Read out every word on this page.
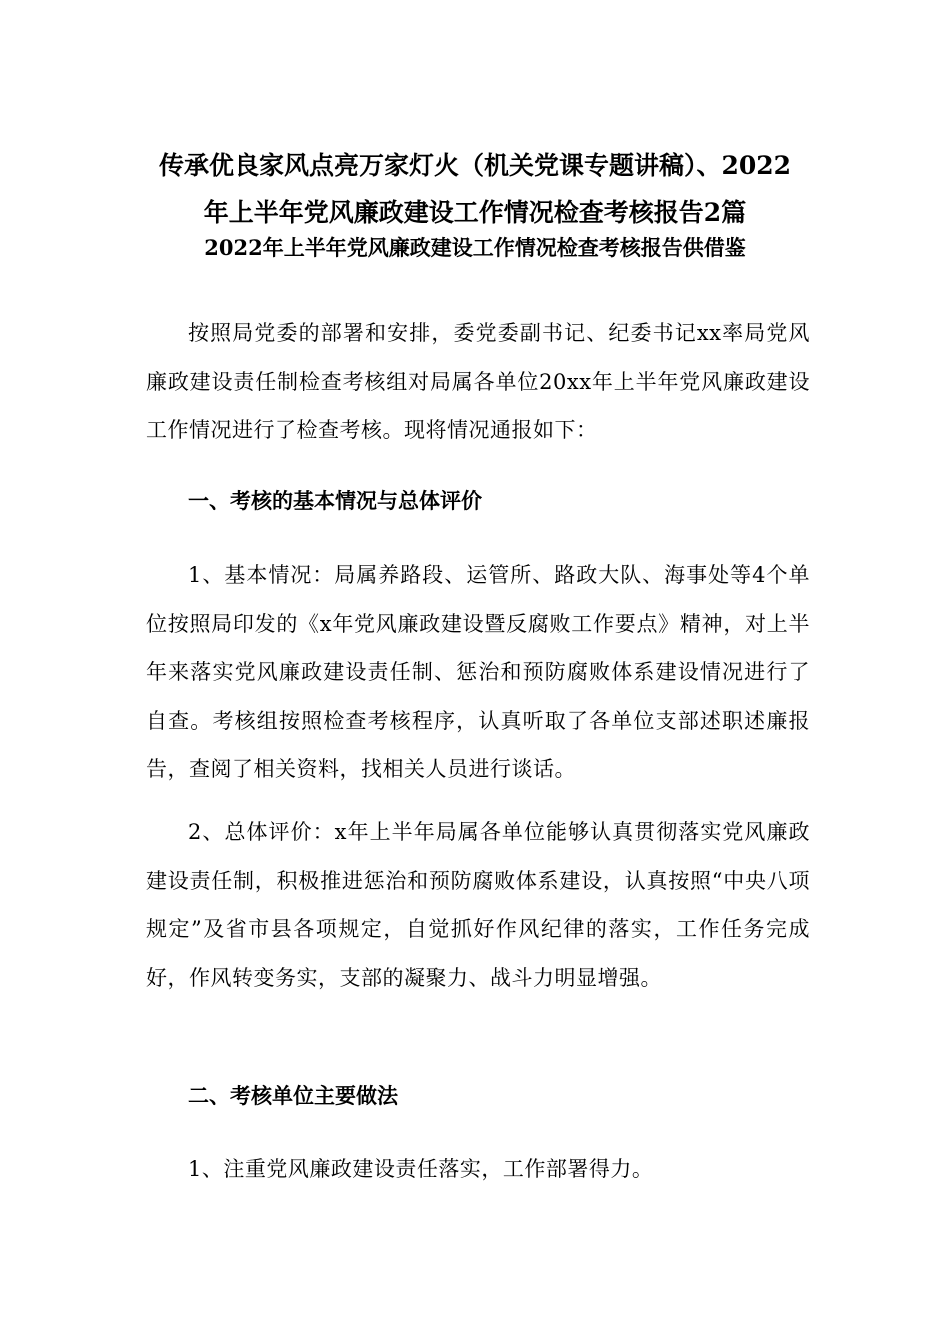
传承优良家风点亮万家灯火（机关党课专题讲稿）、2022
年上半年党风廉政建设工作情况检查考核报告2篇
2022年上半年党风廉政建设工作情况检查考核报告供借鉴
按照局党委的部署和安排，委党委副书记、纪委书记xx率局党风廉政建设责任制检查考核组对局属各单位20xx年上半年党风廉政建设工作情况进行了检查考核。现将情况通报如下：
一、考核的基本情况与总体评价
1、基本情况：局属养路段、运管所、路政大队、海事处等4个单位按照局印发的《x年党风廉政建设暨反腐败工作要点》精神，对上半年来落实党风廉政建设责任制、惩治和预防腐败体系建设情况进行了自查。考核组按照检查考核程序，认真听取了各单位支部述职述廉报告，查阅了相关资料，找相关人员进行谈话。
2、总体评价：x年上半年局属各单位能够认真贯彻落实党风廉政建设责任制，积极推进惩治和预防腐败体系建设，认真按照“中央八项规定”及省市县各项规定，自觉抓好作风纪律的落实，工作任务完成好，作风转变务实，支部的凝聚力、战斗力明显增强。
二、考核单位主要做法
1、注重党风廉政建设责任落实，工作部署得力。
